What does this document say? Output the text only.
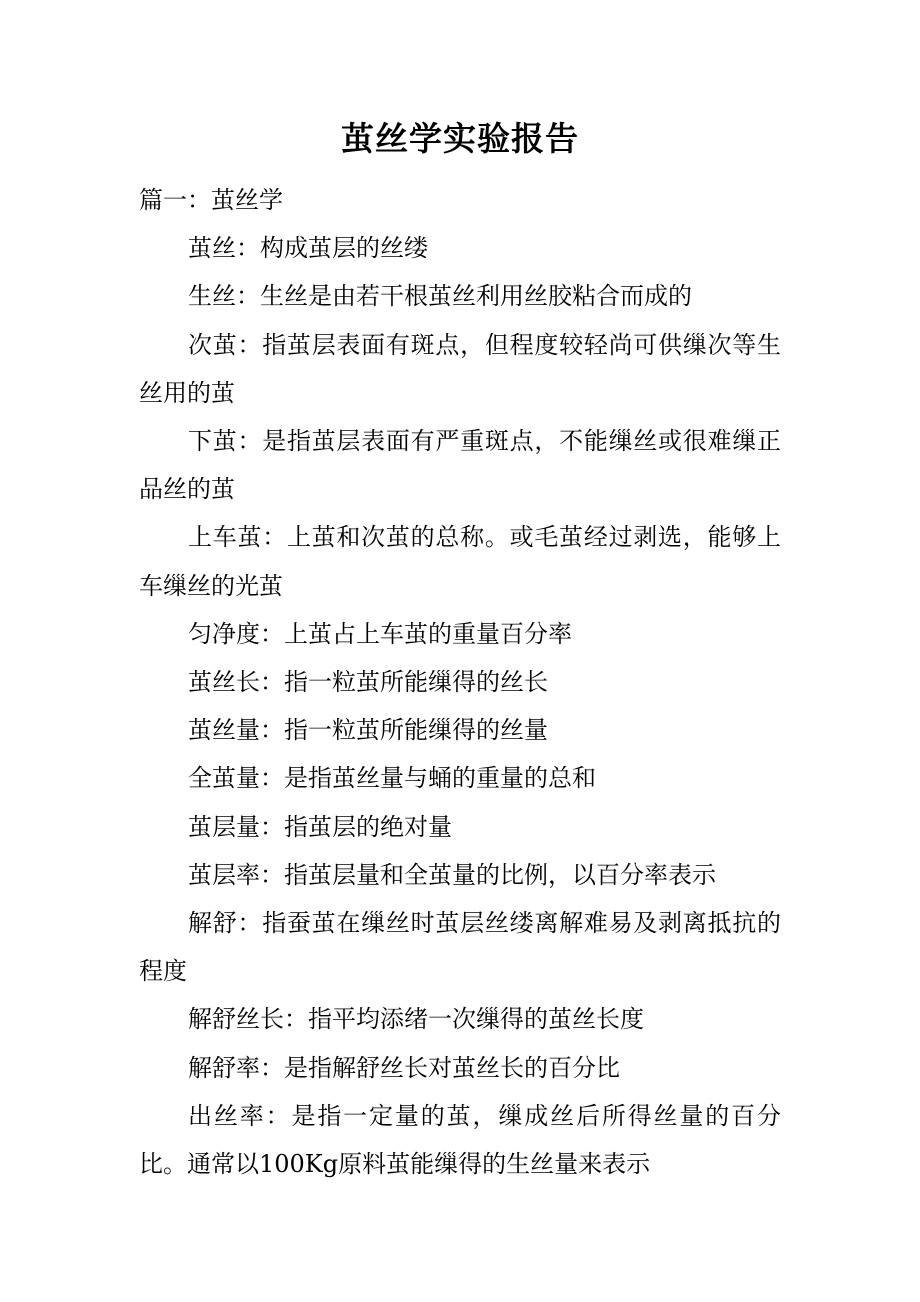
茧丝学实验报告

篇一：茧丝学

茧丝：构成茧层的丝缕

生丝：生丝是由若干根茧丝利用丝胶粘合而成的

次茧：指茧层表面有斑点，但程度较轻尚可供缫次等生丝用的茧

下茧：是指茧层表面有严重斑点，不能缫丝或很难缫正品丝的茧

上车茧：上茧和次茧的总称。或毛茧经过剥选，能够上车缫丝的光茧

匀净度：上茧占上车茧的重量百分率

茧丝长：指一粒茧所能缫得的丝长

茧丝量：指一粒茧所能缫得的丝量

全茧量：是指茧丝量与蛹的重量的总和

茧层量：指茧层的绝对量

茧层率：指茧层量和全茧量的比例，以百分率表示

解舒：指蚕茧在缫丝时茧层丝缕离解难易及剥离抵抗的程度

解舒丝长：指平均添绪一次缫得的茧丝长度

解舒率：是指解舒丝长对茧丝长的百分比

出丝率：是指一定量的茧，缫成丝后所得丝量的百分比。通常以100Kg原料茧能缫得的生丝量来表示
